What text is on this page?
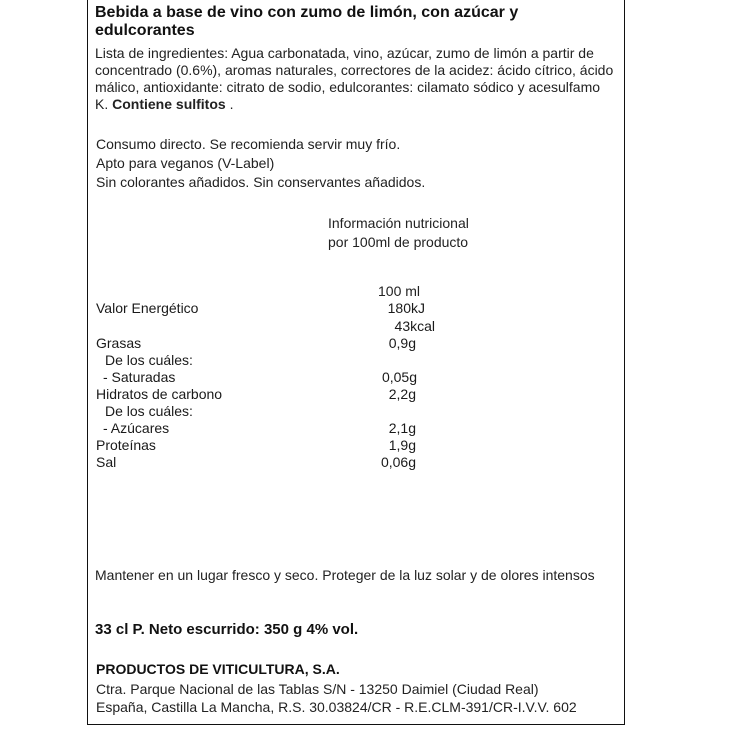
Bebida a base de vino con zumo de limón, con azúcar y edulcorantes
Lista de ingredientes: Agua carbonatada, vino, azúcar, zumo de limón a partir de concentrado (0.6%), aromas naturales, correctores de la acidez: ácido cítrico, ácido málico, antioxidante: citrato de sodio, edulcorantes: cilamato sódico y acesulfamo K. Contiene sulfitos .
Consumo directo. Se recomienda servir muy frío.
Apto para veganos (V-Label)
Sin colorantes añadidos. Sin conservantes añadidos.
Información nutricional
por 100ml de producto
100 ml
Valor Energético	180kJ
43kcal
Grasas	0,9g
De los cuáles:
- Saturadas	0,05g
Hidratos de carbono	2,2g
De los cuáles:
- Azúcares	2,1g
Proteínas	1,9g
Sal	0,06g
Mantener en un lugar fresco y seco. Proteger de la luz solar y de olores intensos
33 cl P. Neto escurrido: 350 g 4% vol.
PRODUCTOS DE VITICULTURA, S.A.
Ctra. Parque Nacional de las Tablas S/N - 13250 Daimiel (Ciudad Real)
España, Castilla La Mancha, R.S. 30.03824/CR - R.E.CLM-391/CR-I.V.V. 602
